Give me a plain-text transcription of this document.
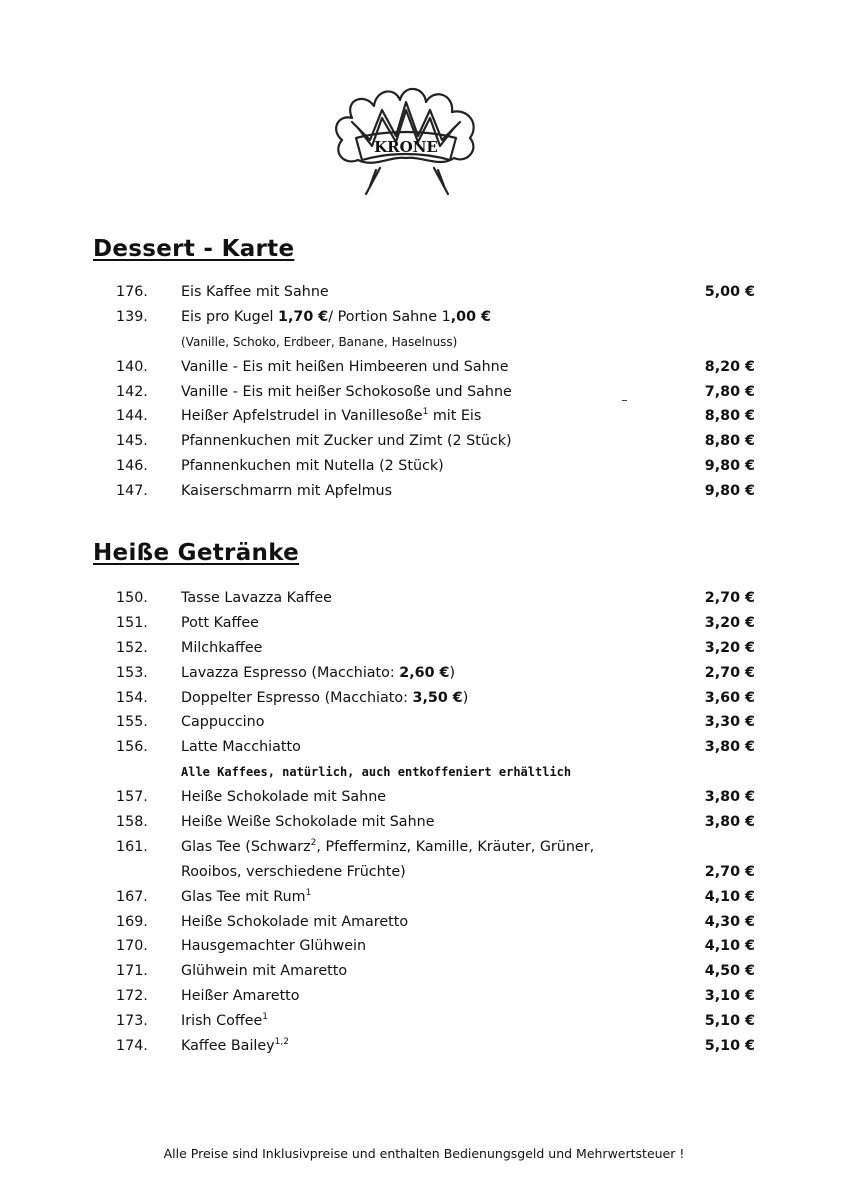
KRONE
Dessert - Karte
176.	Eis Kaffee mit Sahne	5,00 €
139.	Eis pro Kugel 1,70 €/ Portion Sahne 1,00 €
(Vanille, Schoko, Erdbeer, Banane, Haselnuss)
140.	Vanille - Eis mit heißen Himbeeren und Sahne	8,20 €
142.	Vanille - Eis mit heißer Schokosoße und Sahne	7,80 €
144.	Heißer Apfelstrudel in Vanillesoße$^1$ mit Eis	8,80 €
145.	Pfannenkuchen mit Zucker und Zimt (2 Stück)	8,80 €
146.	Pfannenkuchen mit Nutella (2 Stück)	9,80 €
147.	Kaiserschmarrn mit Apfelmus	9,80 €
Heiße Getränke
150.	Tasse Lavazza Kaffee	2,70 €
151.	Pott Kaffee	3,20 €
152.	Milchkaffee	3,20 €
153.	Lavazza Espresso (Macchiato: 2,60 €)	2,70 €
154.	Doppelter Espresso (Macchiato: 3,50 €)	3,60 €
155.	Cappuccino	3,30 €
156.	Latte Macchiatto	3,80 €
Alle Kaffees, natürlich, auch entkoffeniert erhältlich
157.	Heiße Schokolade mit Sahne	3,80 €
158.	Heiße Weiße Schokolade mit Sahne	3,80 €
161.	Glas Tee (Schwarz$^2$, Pfefferminz, Kamille, Kräuter, Grüner,
Rooibos, verschiedene Früchte)	2,70 €
167.	Glas Tee mit Rum$^1$	4,10 €
169.	Heiße Schokolade mit Amaretto	4,30 €
170.	Hausgemachter Glühwein	4,10 €
171.	Glühwein mit Amaretto	4,50 €
172.	Heißer Amaretto	3,10 €
173.	Irish Coffee$^1$	5,10 €
174.	Kaffee Bailey$^{1,2}$	5,10 €
Alle Preise sind Inklusivpreise und enthalten Bedienungsgeld und Mehrwertsteuer !
